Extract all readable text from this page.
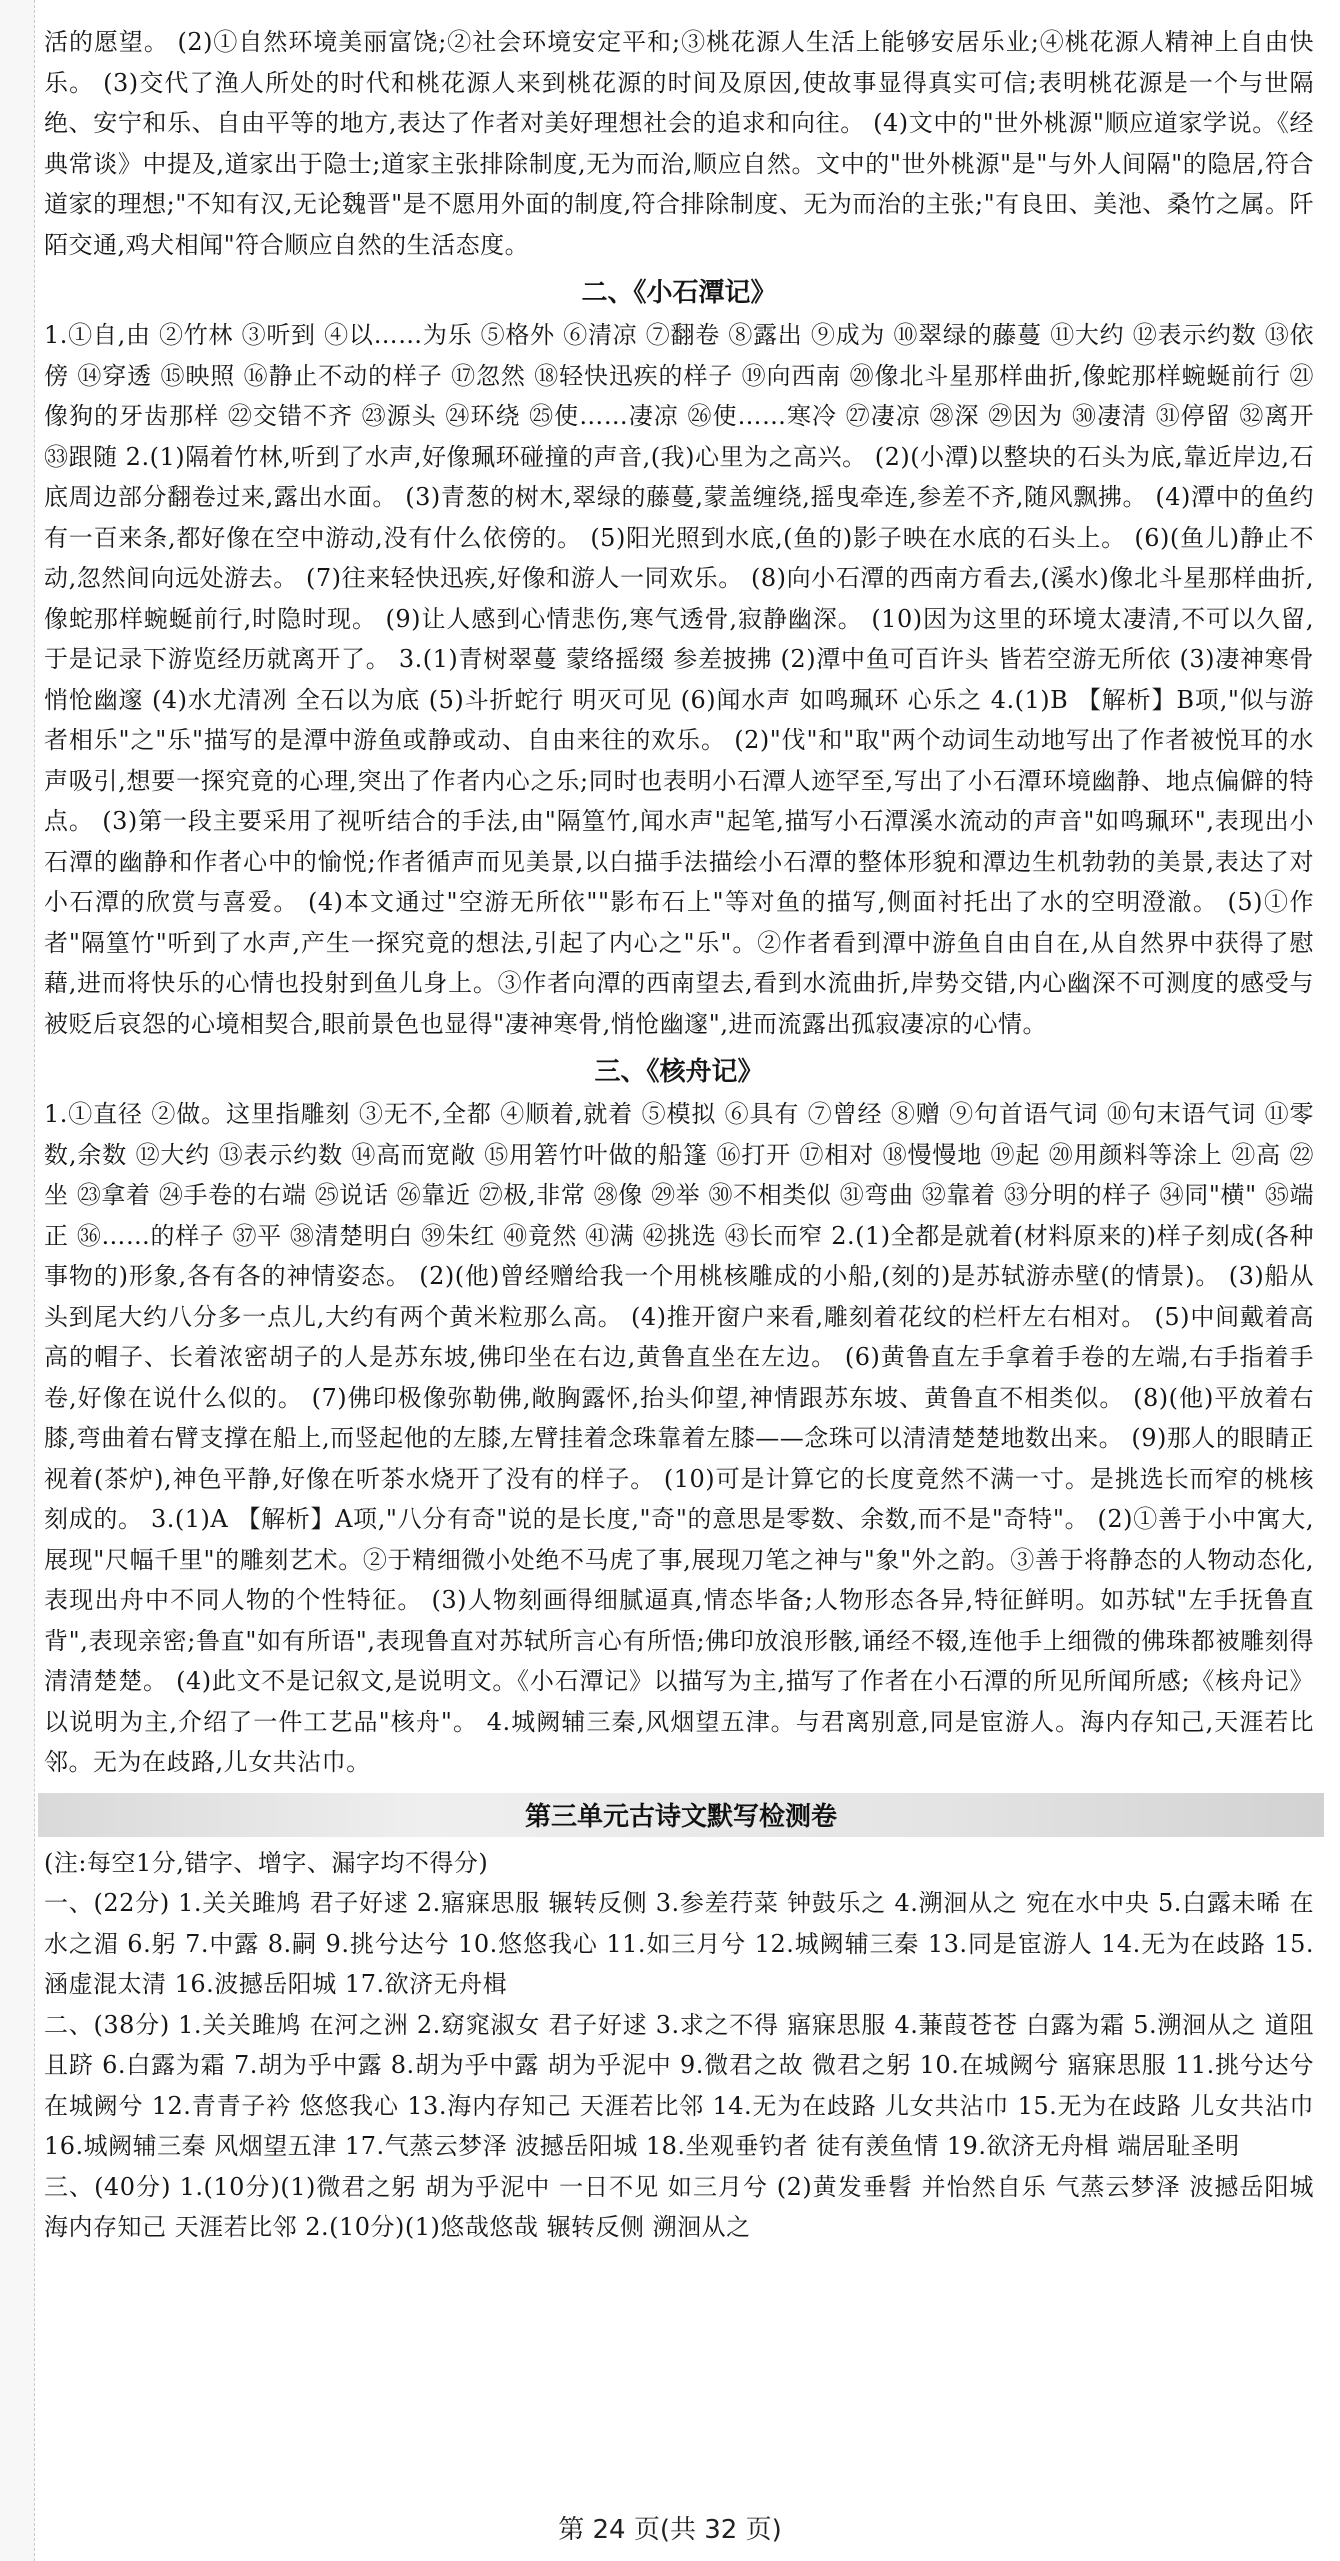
活的愿望。 (2)①自然环境美丽富饶;②社会环境安定平和;③桃花源人生活上能够安居乐业;④桃花源人精神上自由快乐。 (3)交代了渔人所处的时代和桃花源人来到桃花源的时间及原因,使故事显得真实可信;表明桃花源是一个与世隔绝、安宁和乐、自由平等的地方,表达了作者对美好理想社会的追求和向往。 (4)文中的"世外桃源"顺应道家学说。《经典常谈》中提及,道家出于隐士;道家主张排除制度,无为而治,顺应自然。文中的"世外桃源"是"与外人间隔"的隐居,符合道家的理想;"不知有汉,无论魏晋"是不愿用外面的制度,符合排除制度、无为而治的主张;"有良田、美池、桑竹之属。阡陌交通,鸡犬相闻"符合顺应自然的生活态度。

二、《小石潭记》

1.①自,由 ②竹林 ③听到 ④以……为乐 ⑤格外 ⑥清凉 ⑦翻卷 ⑧露出 ⑨成为 ⑩翠绿的藤蔓 ⑪大约 ⑫表示约数 ⑬依傍 ⑭穿透 ⑮映照 ⑯静止不动的样子 ⑰忽然 ⑱轻快迅疾的样子 ⑲向西南 ⑳像北斗星那样曲折,像蛇那样蜿蜒前行 ㉑像狗的牙齿那样 ㉒交错不齐 ㉓源头 ㉔环绕 ㉕使……凄凉 ㉖使……寒冷 ㉗凄凉 ㉘深 ㉙因为 ㉚凄清 ㉛停留 ㉜离开 ㉝跟随 2.(1)隔着竹林,听到了水声,好像珮环碰撞的声音,(我)心里为之高兴。 (2)(小潭)以整块的石头为底,靠近岸边,石底周边部分翻卷过来,露出水面。 (3)青葱的树木,翠绿的藤蔓,蒙盖缠绕,摇曳牵连,参差不齐,随风飘拂。 (4)潭中的鱼约有一百来条,都好像在空中游动,没有什么依傍的。 (5)阳光照到水底,(鱼的)影子映在水底的石头上。 (6)(鱼儿)静止不动,忽然间向远处游去。 (7)往来轻快迅疾,好像和游人一同欢乐。 (8)向小石潭的西南方看去,(溪水)像北斗星那样曲折,像蛇那样蜿蜒前行,时隐时现。 (9)让人感到心情悲伤,寒气透骨,寂静幽深。 (10)因为这里的环境太凄清,不可以久留,于是记录下游览经历就离开了。 3.(1)青树翠蔓 蒙络摇缀 参差披拂 (2)潭中鱼可百许头 皆若空游无所依 (3)凄神寒骨 悄怆幽邃 (4)水尤清冽 全石以为底 (5)斗折蛇行 明灭可见 (6)闻水声 如鸣珮环 心乐之 4.(1)B 【解析】B项,"似与游者相乐"之"乐"描写的是潭中游鱼或静或动、自由来往的欢乐。 (2)"伐"和"取"两个动词生动地写出了作者被悦耳的水声吸引,想要一探究竟的心理,突出了作者内心之乐;同时也表明小石潭人迹罕至,写出了小石潭环境幽静、地点偏僻的特点。 (3)第一段主要采用了视听结合的手法,由"隔篁竹,闻水声"起笔,描写小石潭溪水流动的声音"如鸣珮环",表现出小石潭的幽静和作者心中的愉悦;作者循声而见美景,以白描手法描绘小石潭的整体形貌和潭边生机勃勃的美景,表达了对小石潭的欣赏与喜爱。 (4)本文通过"空游无所依""影布石上"等对鱼的描写,侧面衬托出了水的空明澄澈。 (5)①作者"隔篁竹"听到了水声,产生一探究竟的想法,引起了内心之"乐"。②作者看到潭中游鱼自由自在,从自然界中获得了慰藉,进而将快乐的心情也投射到鱼儿身上。③作者向潭的西南望去,看到水流曲折,岸势交错,内心幽深不可测度的感受与被贬后哀怨的心境相契合,眼前景色也显得"凄神寒骨,悄怆幽邃",进而流露出孤寂凄凉的心情。

三、《核舟记》

1.①直径 ②做。这里指雕刻 ③无不,全都 ④顺着,就着 ⑤模拟 ⑥具有 ⑦曾经 ⑧赠 ⑨句首语气词 ⑩句末语气词 ⑪零数,余数 ⑫大约 ⑬表示约数 ⑭高而宽敞 ⑮用箬竹叶做的船篷 ⑯打开 ⑰相对 ⑱慢慢地 ⑲起 ⑳用颜料等涂上 ㉑高 ㉒坐 ㉓拿着 ㉔手卷的右端 ㉕说话 ㉖靠近 ㉗极,非常 ㉘像 ㉙举 ㉚不相类似 ㉛弯曲 ㉜靠着 ㉝分明的样子 ㉞同"横" ㉟端正 ㊱……的样子 ㊲平 ㊳清楚明白 ㊴朱红 ㊵竟然 ㊶满 ㊷挑选 ㊸长而窄 2.(1)全都是就着(材料原来的)样子刻成(各种事物的)形象,各有各的神情姿态。 (2)(他)曾经赠给我一个用桃核雕成的小船,(刻的)是苏轼游赤壁(的情景)。 (3)船从头到尾大约八分多一点儿,大约有两个黄米粒那么高。 (4)推开窗户来看,雕刻着花纹的栏杆左右相对。 (5)中间戴着高高的帽子、长着浓密胡子的人是苏东坡,佛印坐在右边,黄鲁直坐在左边。 (6)黄鲁直左手拿着手卷的左端,右手指着手卷,好像在说什么似的。 (7)佛印极像弥勒佛,敞胸露怀,抬头仰望,神情跟苏东坡、黄鲁直不相类似。 (8)(他)平放着右膝,弯曲着右臂支撑在船上,而竖起他的左膝,左臂挂着念珠靠着左膝——念珠可以清清楚楚地数出来。 (9)那人的眼睛正视着(茶炉),神色平静,好像在听茶水烧开了没有的样子。 (10)可是计算它的长度竟然不满一寸。是挑选长而窄的桃核刻成的。 3.(1)A 【解析】A项,"八分有奇"说的是长度,"奇"的意思是零数、余数,而不是"奇特"。 (2)①善于小中寓大,展现"尺幅千里"的雕刻艺术。②于精细微小处绝不马虎了事,展现刀笔之神与"象"外之韵。③善于将静态的人物动态化,表现出舟中不同人物的个性特征。 (3)人物刻画得细腻逼真,情态毕备;人物形态各异,特征鲜明。如苏轼"左手抚鲁直背",表现亲密;鲁直"如有所语",表现鲁直对苏轼所言心有所悟;佛印放浪形骸,诵经不辍,连他手上细微的佛珠都被雕刻得清清楚楚。 (4)此文不是记叙文,是说明文。《小石潭记》以描写为主,描写了作者在小石潭的所见所闻所感;《核舟记》以说明为主,介绍了一件工艺品"核舟"。 4.城阙辅三秦,风烟望五津。与君离别意,同是宦游人。海内存知己,天涯若比邻。无为在歧路,儿女共沾巾。

第三单元古诗文默写检测卷

(注:每空1分,错字、增字、漏字均不得分)
一、(22分) 1.关关雎鸠 君子好逑 2.寤寐思服 辗转反侧 3.参差荇菜 钟鼓乐之 4.溯洄从之 宛在水中央 5.白露未晞 在水之湄 6.躬 7.中露 8.嗣 9.挑兮达兮 10.悠悠我心 11.如三月兮 12.城阙辅三秦 13.同是宦游人 14.无为在歧路 15.涵虚混太清 16.波撼岳阳城 17.欲济无舟楫
二、(38分) 1.关关雎鸠 在河之洲 2.窈窕淑女 君子好逑 3.求之不得 寤寐思服 4.蒹葭苍苍 白露为霜 5.溯洄从之 道阻且跻 6.白露为霜 7.胡为乎中露 8.胡为乎中露 胡为乎泥中 9.微君之故 微君之躬 10.在城阙兮 寤寐思服 11.挑兮达兮 在城阙兮 12.青青子衿 悠悠我心 13.海内存知己 天涯若比邻 14.无为在歧路 儿女共沾巾 15.无为在歧路 儿女共沾巾 16.城阙辅三秦 风烟望五津 17.气蒸云梦泽 波撼岳阳城 18.坐观垂钓者 徒有羡鱼情 19.欲济无舟楫 端居耻圣明
三、(40分) 1.(10分)(1)微君之躬 胡为乎泥中 一日不见 如三月兮 (2)黄发垂髫 并怡然自乐 气蒸云梦泽 波撼岳阳城 海内存知己 天涯若比邻 2.(10分)(1)悠哉悠哉 辗转反侧 溯洄从之

第 24 页(共 32 页)
